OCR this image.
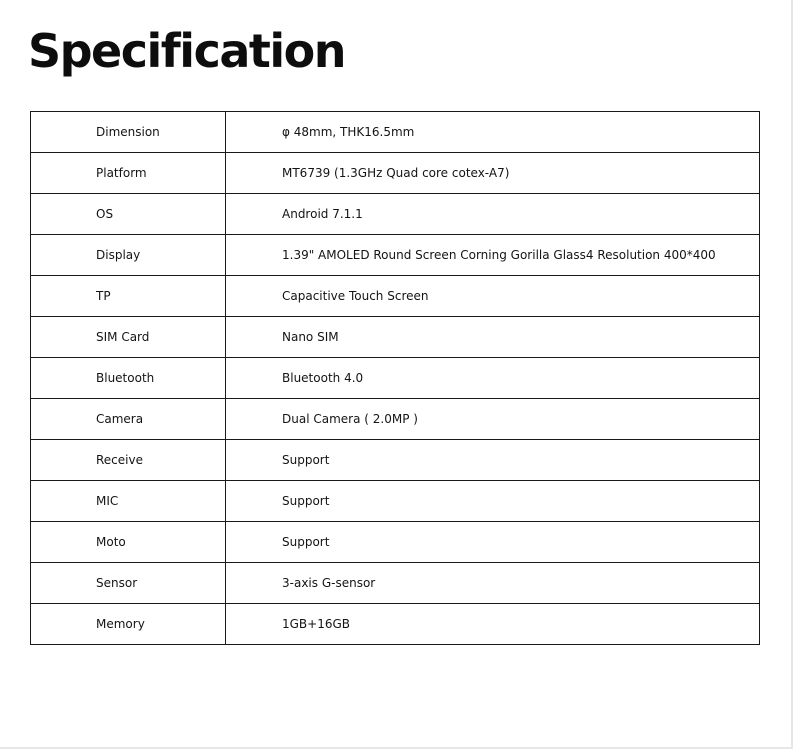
Specification
Dimension	φ 48mm, THK16.5mm
Platform	MT6739 (1.3GHz Quad core cotex-A7)
OS	Android 7.1.1
Display	1.39" AMOLED Round Screen Corning Gorilla Glass4 Resolution 400*400
TP	Capacitive Touch Screen
SIM Card	Nano SIM
Bluetooth	Bluetooth 4.0
Camera	Dual Camera ( 2.0MP )
Receive	Support
MIC	Support
Moto	Support
Sensor	3-axis G-sensor
Memory	1GB+16GB
